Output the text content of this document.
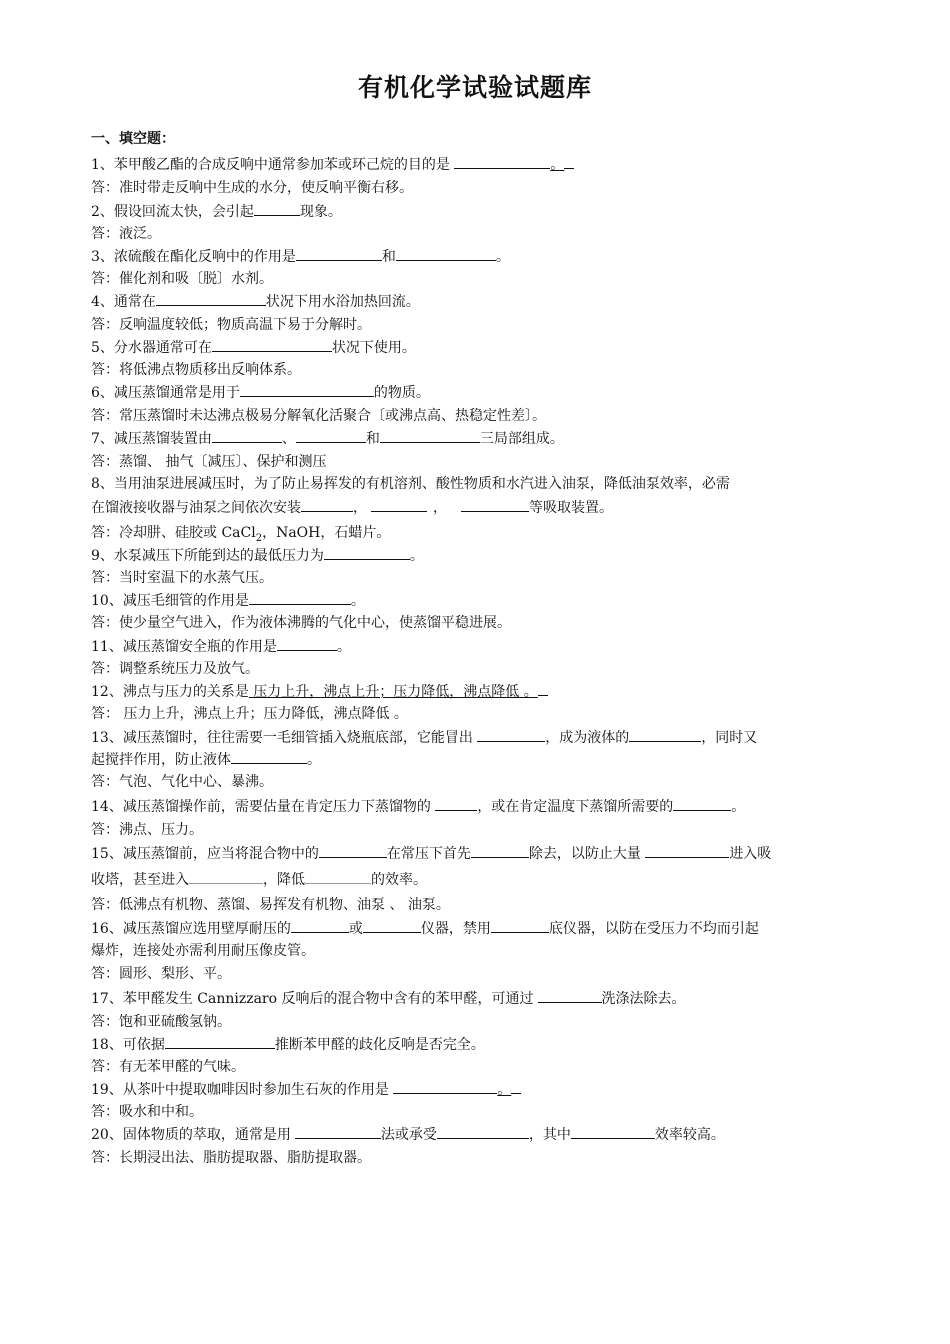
有机化学试验试题库
一、填空题：
1、苯甲酸乙酯的合成反响中通常参加苯或环己烷的目的是	。
答：准时带走反响中生成的水分，使反响平衡右移。
2、假设回流太快，会引起	现象。
答：液泛。
3、浓硫酸在酯化反响中的作用是	和	。
答：催化剂和吸〔脱〕水剂。
4、通常在	状况下用水浴加热回流。
答：反响温度较低；物质高温下易于分解时。
5、分水器通常可在	状况下使用。
答：将低沸点物质移出反响体系。
6、减压蒸馏通常是用于	的物质。
答：常压蒸馏时未达沸点极易分解氧化活聚合〔或沸点高、热稳定性差〕。
7、减压蒸馏装置由	、	和	三局部组成。
答：蒸馏、 抽气〔减压〕、保护和测压
8、当用油泵进展减压时，为了防止易挥发的有机溶剂、酸性物质和水汽进入油泵，降低油泵效率，必需
在馏液接收器与油泵之间依次安装	，	，	等吸取装置。
答：冷却肼、硅胶或 CaCl$_2$，NaOH，石蜡片。
9、水泵减压下所能到达的最低压力为	。
答：当时室温下的水蒸气压。
10、减压毛细管的作用是	。
答：使少量空气进入，作为液体沸腾的气化中心，使蒸馏平稳进展。
11、减压蒸馏安全瓶的作用是	。
答：调整系统压力及放气。
12、沸点与压力的关系是 压力上升，沸点上升；压力降低，沸点降低 。
答： 压力上升，沸点上升；压力降低，沸点降低 。
13、减压蒸馏时，往往需要一毛细管插入烧瓶底部，它能冒出	，成为液体的	，同时又
起搅拌作用，防止液体	。
答：气泡、气化中心、暴沸。
14、减压蒸馏操作前，需要估量在肯定压力下蒸馏物的	，或在肯定温度下蒸馏所需要的	。
答：沸点、压力。
15、减压蒸馏前，应当将混合物中的	在常压下首先	除去，以防止大量	进入吸
收塔，甚至进入	，降低	的效率。
答：低沸点有机物、蒸馏、易挥发有机物、油泵 、 油泵。
16、减压蒸馏应选用壁厚耐压的	或	仪器，禁用	底仪器，以防在受压力不均而引起
爆炸，连接处亦需利用耐压像皮管。
答：圆形、梨形、平。
17、苯甲醛发生 Cannizzaro 反响后的混合物中含有的苯甲醛，可通过	洗涤法除去。
答：饱和亚硫酸氢钠。
18、可依据	推断苯甲醛的歧化反响是否完全。
答：有无苯甲醛的气味。
19、从茶叶中提取咖啡因时参加生石灰的作用是	。
答：吸水和中和。
20、固体物质的萃取，通常是用	法或承受	，其中	效率较高。
答：长期浸出法、脂肪提取器、脂肪提取器。
